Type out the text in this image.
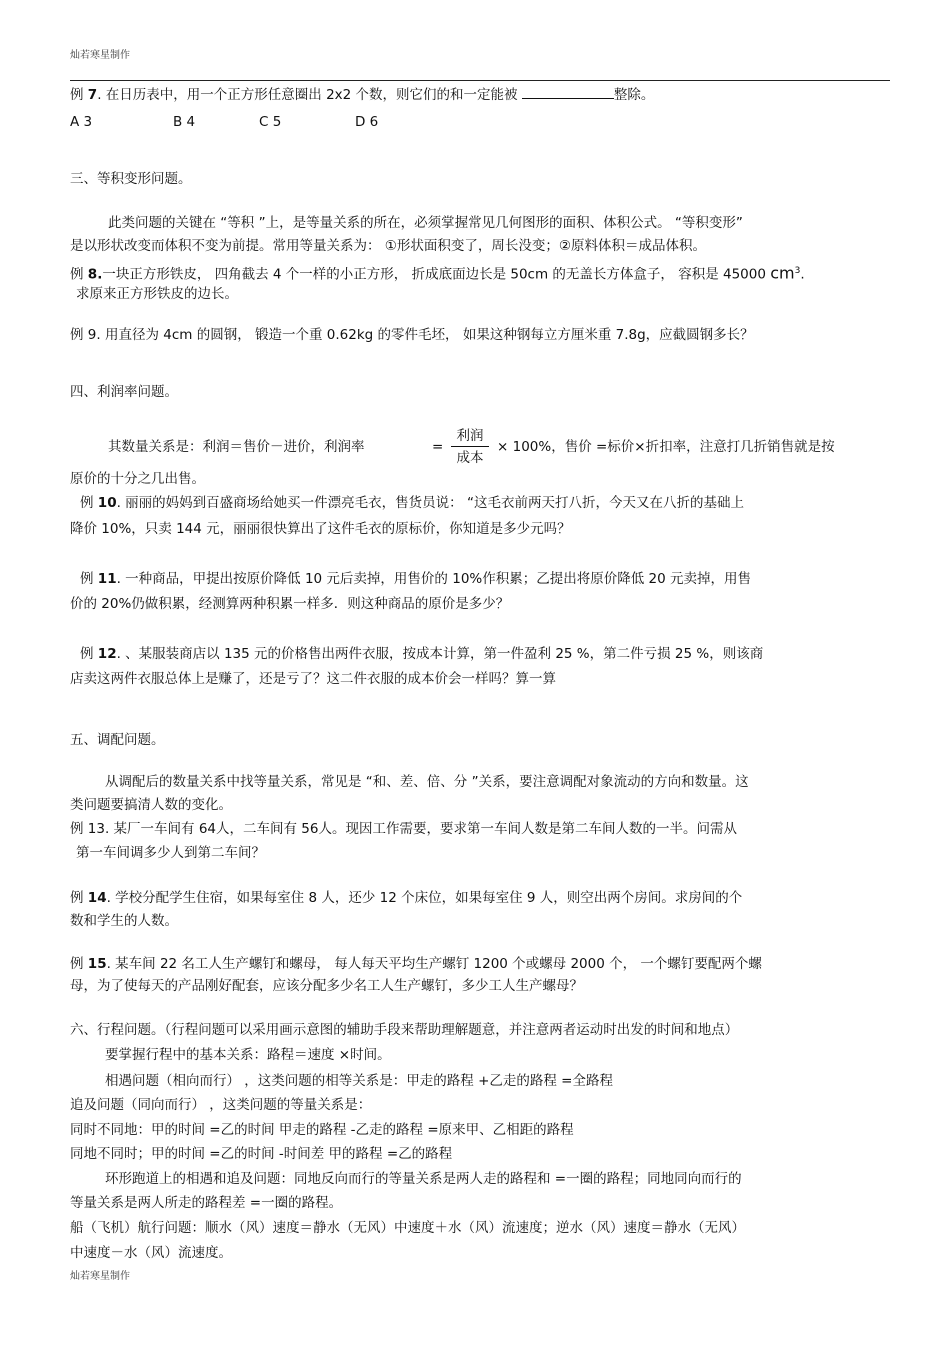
灿若寒星制作
例 7. 在日历表中，用一个正方形任意圈出 2x2 个数，则它们的和一定能被	整除。
A 3	B 4	C 5	D 6
三、等积变形问题。
此类问题的关键在 “等积 ”上，是等量关系的所在，必须掌握常见几何图形的面积、体积公式。 “等积变形”
是以形状改变而体积不变为前提。常用等量关系为： ①形状面积变了，周长没变；②原料体积＝成品体积。
例 8.一块正方形铁皮， 四角截去 4 个一样的小正方形， 折成底面边长是 50cm 的无盖长方体盒子， 容积是 45000 $cm^3$.
求原来正方形铁皮的边长。
例 9. 用直径为 4cm 的圆钢， 锻造一个重 0.62kg 的零件毛坯， 如果这种钢每立方厘米重 7.8g，应截圆钢多长？
四、利润率问题。
其数量关系是：利润＝售价－进价，利润率	=
利润
成本
× 100%，售价 =标价×折扣率，注意打几折销售就是按
原价的十分之几出售。
例 10. 丽丽的妈妈到百盛商场给她买一件漂亮毛衣，售货员说： “这毛衣前两天打八折，今天又在八折的基础上
降价 10%，只卖 144 元，丽丽很快算出了这件毛衣的原标价，你知道是多少元吗？
例 11. 一种商品，甲提出按原价降低 10 元后卖掉，用售价的 10%作积累；乙提出将原价降低 20 元卖掉，用售
价的 20%仍做积累，经测算两种积累一样多．则这种商品的原价是多少？
例 12. 、某服装商店以 135 元的价格售出两件衣服，按成本计算，第一件盈利 25 %，第二件亏损 25 %，则该商
店卖这两件衣服总体上是赚了，还是亏了？这二件衣服的成本价会一样吗？算一算
五、调配问题。
从调配后的数量关系中找等量关系，常见是 “和、差、倍、分 ”关系，要注意调配对象流动的方向和数量。这
类问题要搞清人数的变化。
例 13. 某厂一车间有 64人，二车间有 56人。现因工作需要，要求第一车间人数是第二车间人数的一半。问需从
第一车间调多少人到第二车间？
例 14. 学校分配学生住宿，如果每室住 8 人，还少 12 个床位，如果每室住 9 人，则空出两个房间。求房间的个
数和学生的人数。
例 15. 某车间 22 名工人生产螺钉和螺母， 每人每天平均生产螺钉 1200 个或螺母 2000 个， 一个螺钉要配两个螺
母，为了使每天的产品刚好配套，应该分配多少名工人生产螺钉，多少工人生产螺母？
六、行程问题。（行程问题可以采用画示意图的辅助手段来帮助理解题意，并注意两者运动时出发的时间和地点）
要掌握行程中的基本关系：路程＝速度 ×时间。
相遇问题（相向而行） ，这类问题的相等关系是：甲走的路程 +乙走的路程 =全路程
追及问题（同向而行） ，这类问题的等量关系是：
同时不同地：甲的时间 =乙的时间 甲走的路程 -乙走的路程 =原来甲、乙相距的路程
同地不同时；甲的时间 =乙的时间 -时间差 甲的路程 =乙的路程
环形跑道上的相遇和追及问题：同地反向而行的等量关系是两人走的路程和 =一圈的路程；同地同向而行的
等量关系是两人所走的路程差 =一圈的路程。
船（飞机）航行问题：顺水（风）速度＝静水（无风）中速度＋水（风）流速度；逆水（风）速度＝静水（无风）
中速度－水（风）流速度。
灿若寒星制作
